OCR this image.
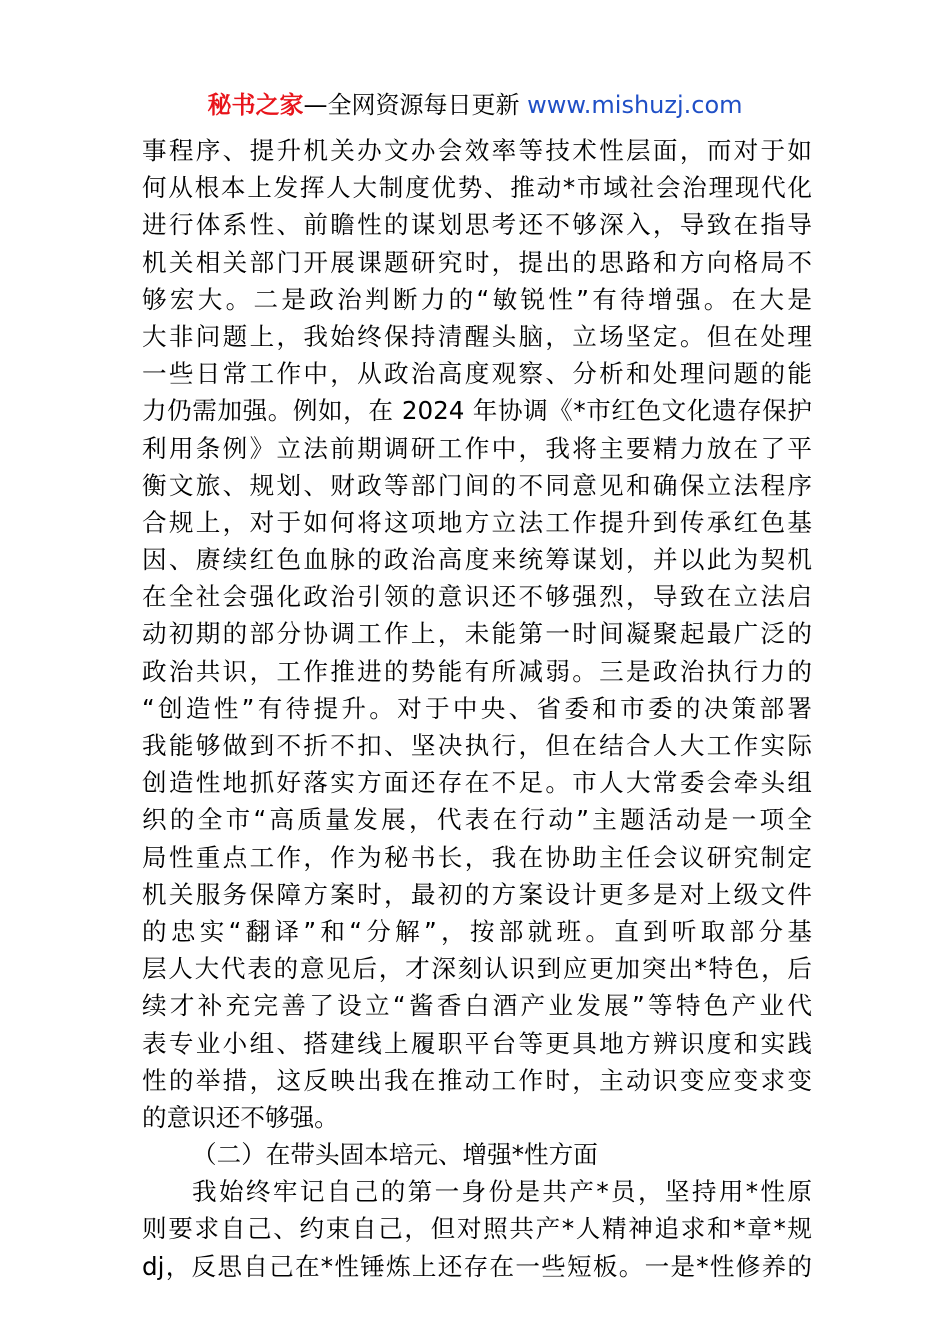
秘书之家—全网资源每日更新 www.mishuzj.com
事程序、提升机关办文办会效率等技术性层面，而对于如
何从根本上发挥人大制度优势、推动*市域社会治理现代化
进行体系性、前瞻性的谋划思考还不够深入，导致在指导
机关相关部门开展课题研究时，提出的思路和方向格局不
够宏大。二是政治判断力的“敏锐性”有待增强。在大是
大非问题上，我始终保持清醒头脑，立场坚定。但在处理
一些日常工作中，从政治高度观察、分析和处理问题的能
力仍需加强。例如，在 2024 年协调《*市红色文化遗存保护
利用条例》立法前期调研工作中，我将主要精力放在了平
衡文旅、规划、财政等部门间的不同意见和确保立法程序
合规上，对于如何将这项地方立法工作提升到传承红色基
因、赓续红色血脉的政治高度来统筹谋划，并以此为契机
在全社会强化政治引领的意识还不够强烈，导致在立法启
动初期的部分协调工作上，未能第一时间凝聚起最广泛的
政治共识，工作推进的势能有所减弱。三是政治执行力的
“创造性”有待提升。对于中央、省委和市委的决策部署
我能够做到不折不扣、坚决执行，但在结合人大工作实际
创造性地抓好落实方面还存在不足。市人大常委会牵头组
织的全市“高质量发展，代表在行动”主题活动是一项全
局性重点工作，作为秘书长，我在协助主任会议研究制定
机关服务保障方案时，最初的方案设计更多是对上级文件
的忠实“翻译”和“分解”，按部就班。直到听取部分基
层人大代表的意见后，才深刻认识到应更加突出*特色，后
续才补充完善了设立“酱香白酒产业发展”等特色产业代
表专业小组、搭建线上履职平台等更具地方辨识度和实践
性的举措，这反映出我在推动工作时，主动识变应变求变
的意识还不够强。
（二）在带头固本培元、增强*性方面
我始终牢记自己的第一身份是共产*员，坚持用*性原
则要求自己、约束自己，但对照共产*人精神追求和*章*规
dj，反思自己在*性锤炼上还存在一些短板。一是*性修养的
